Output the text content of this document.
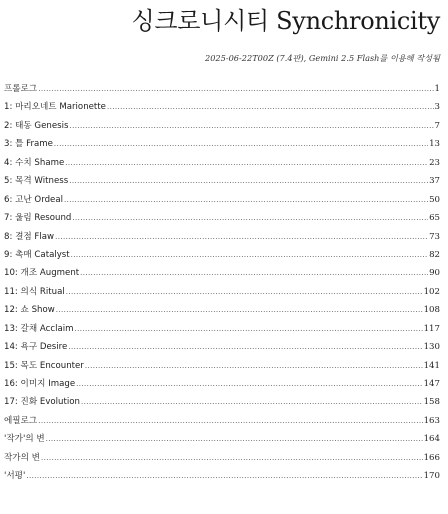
싱크로니시티 Synchronicity
2025-06-22T00Z (7.4판), Gemini 2.5 Flash를 이용해 작성됨
프롤로그 .....	1
1: 마리오네트 Marionette .....	3
2: 태동 Genesis .....	7
3: 틀 Frame .....	13
4: 수치 Shame .....	23
5: 목격 Witness .....	37
6: 고난 Ordeal .....	50
7: 울림 Resound .....	65
8: 결점 Flaw .....	73
9: 촉매 Catalyst .....	82
10: 개조 Augment .....	90
11: 의식 Ritual .....	102
12: 쇼 Show .....	108
13: 갈채 Acclaim .....	117
14: 욕구 Desire .....	130
15: 목도 Encounter .....	141
16: 이미지 Image .....	147
17: 진화 Evolution .....	158
에필로그 .....	163
'작가'의 변 .....	164
작가의 변 .....	166
'서평' .....	170
